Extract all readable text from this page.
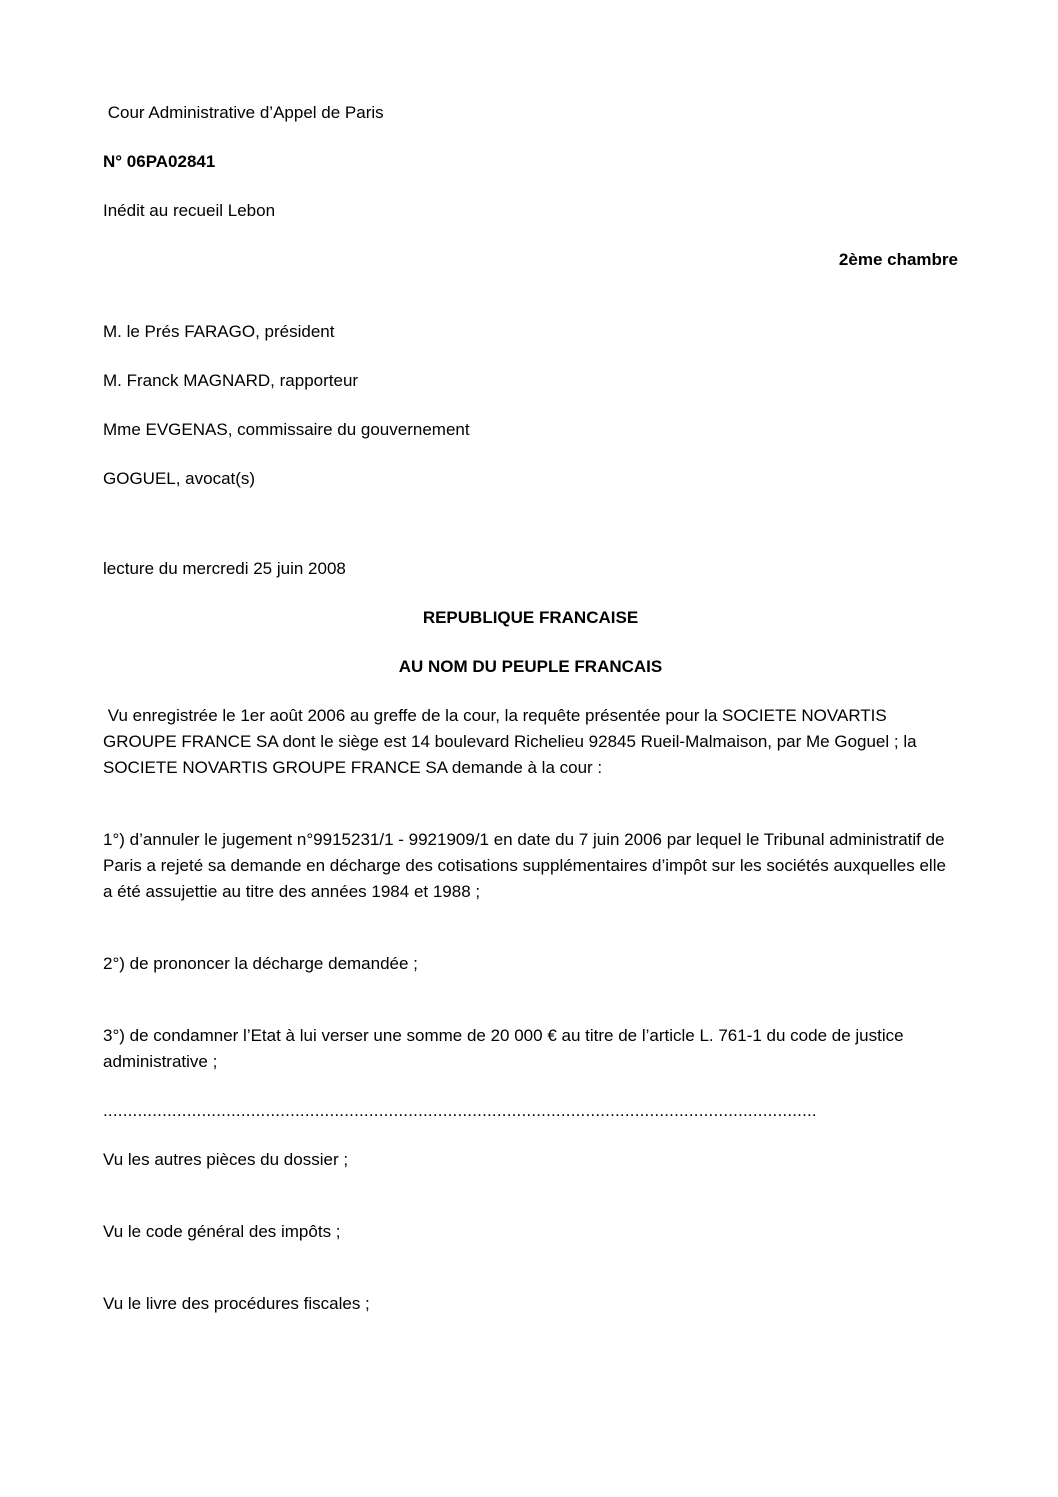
Cour Administrative d’Appel de Paris

N° 06PA02841

Inédit au recueil Lebon

2ème chambre

M. le Prés FARAGO, président

M. Franck MAGNARD, rapporteur

Mme EVGENAS, commissaire du gouvernement

GOGUEL, avocat(s)

lecture du mercredi 25 juin 2008

REPUBLIQUE FRANCAISE

AU NOM DU PEUPLE FRANCAIS

Vu enregistrée le 1er août 2006 au greffe de la cour, la requête présentée pour la SOCIETE NOVARTIS GROUPE FRANCE SA dont le siège est 14 boulevard Richelieu 92845 Rueil-Malmaison, par Me Goguel ; la SOCIETE NOVARTIS GROUPE FRANCE SA demande à la cour :

1°) d’annuler le jugement n°9915231/1 - 9921909/1 en date du 7 juin 2006 par lequel le Tribunal administratif de Paris a rejeté sa demande en décharge des cotisations supplémentaires d’impôt sur les sociétés auxquelles elle a été assujettie au titre des années 1984 et 1988 ;

2°) de prononcer la décharge demandée ;

3°) de condamner l’Etat à lui verser une somme de 20 000 € au titre de l’article L. 761-1 du code de justice administrative ;

.................................................................................................................................................

Vu les autres pièces du dossier ;

Vu le code général des impôts ;

Vu le livre des procédures fiscales ;
